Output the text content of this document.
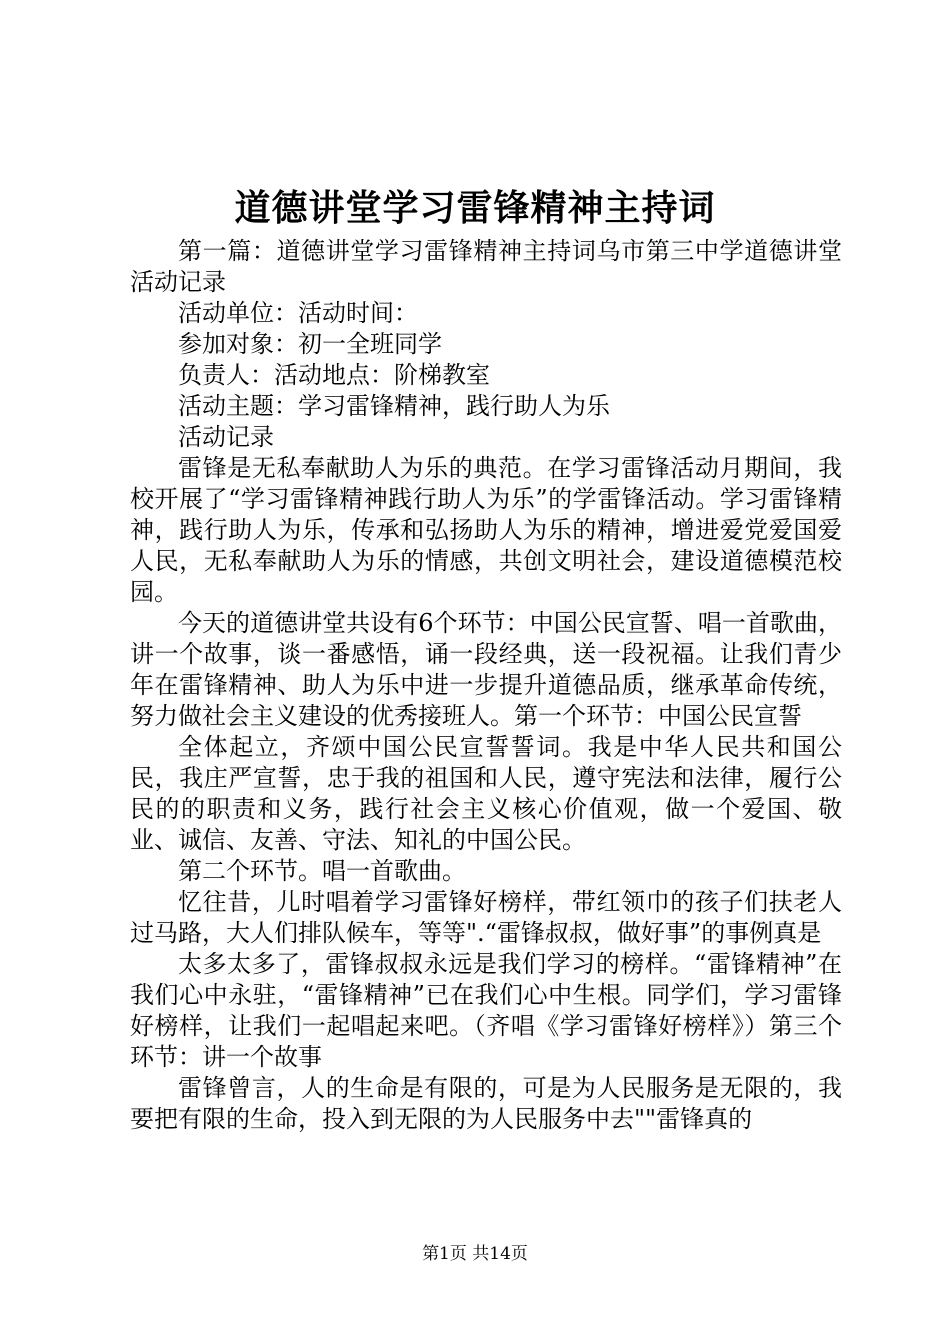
道德讲堂学习雷锋精神主持词

第一篇：道德讲堂学习雷锋精神主持词乌市第三中学道德讲堂活动记录

活动单位：活动时间：

参加对象：初一全班同学

负责人：活动地点：阶梯教室

活动主题：学习雷锋精神，践行助人为乐

活动记录

雷锋是无私奉献助人为乐的典范。在学习雷锋活动月期间，我校开展了“学习雷锋精神践行助人为乐”的学雷锋活动。学习雷锋精神，践行助人为乐，传承和弘扬助人为乐的精神，增进爱党爱国爱人民，无私奉献助人为乐的情感，共创文明社会，建设道德模范校园。

今天的道德讲堂共设有6个环节：中国公民宣誓、唱一首歌曲，讲一个故事，谈一番感悟，诵一段经典，送一段祝福。让我们青少年在雷锋精神、助人为乐中进一步提升道德品质，继承革命传统，努力做社会主义建设的优秀接班人。第一个环节：中国公民宣誓

全体起立，齐颂中国公民宣誓誓词。我是中华人民共和国公民，我庄严宣誓，忠于我的祖国和人民，遵守宪法和法律，履行公民的的职责和义务，践行社会主义核心价值观，做一个爱国、敬业、诚信、友善、守法、知礼的中国公民。

第二个环节。唱一首歌曲。

忆往昔，儿时唱着学习雷锋好榜样，带红领巾的孩子们扶老人过马路，大人们排队候车，等等".“雷锋叔叔，做好事”的事例真是

太多太多了，雷锋叔叔永远是我们学习的榜样。“雷锋精神”在我们心中永驻，“雷锋精神”已在我们心中生根。同学们，学习雷锋好榜样，让我们一起唱起来吧。（齐唱《学习雷锋好榜样》）第三个环节：讲一个故事

雷锋曾言，人的生命是有限的，可是为人民服务是无限的，我要把有限的生命，投入到无限的为人民服务中去""雷锋真的

第1页 共14页
